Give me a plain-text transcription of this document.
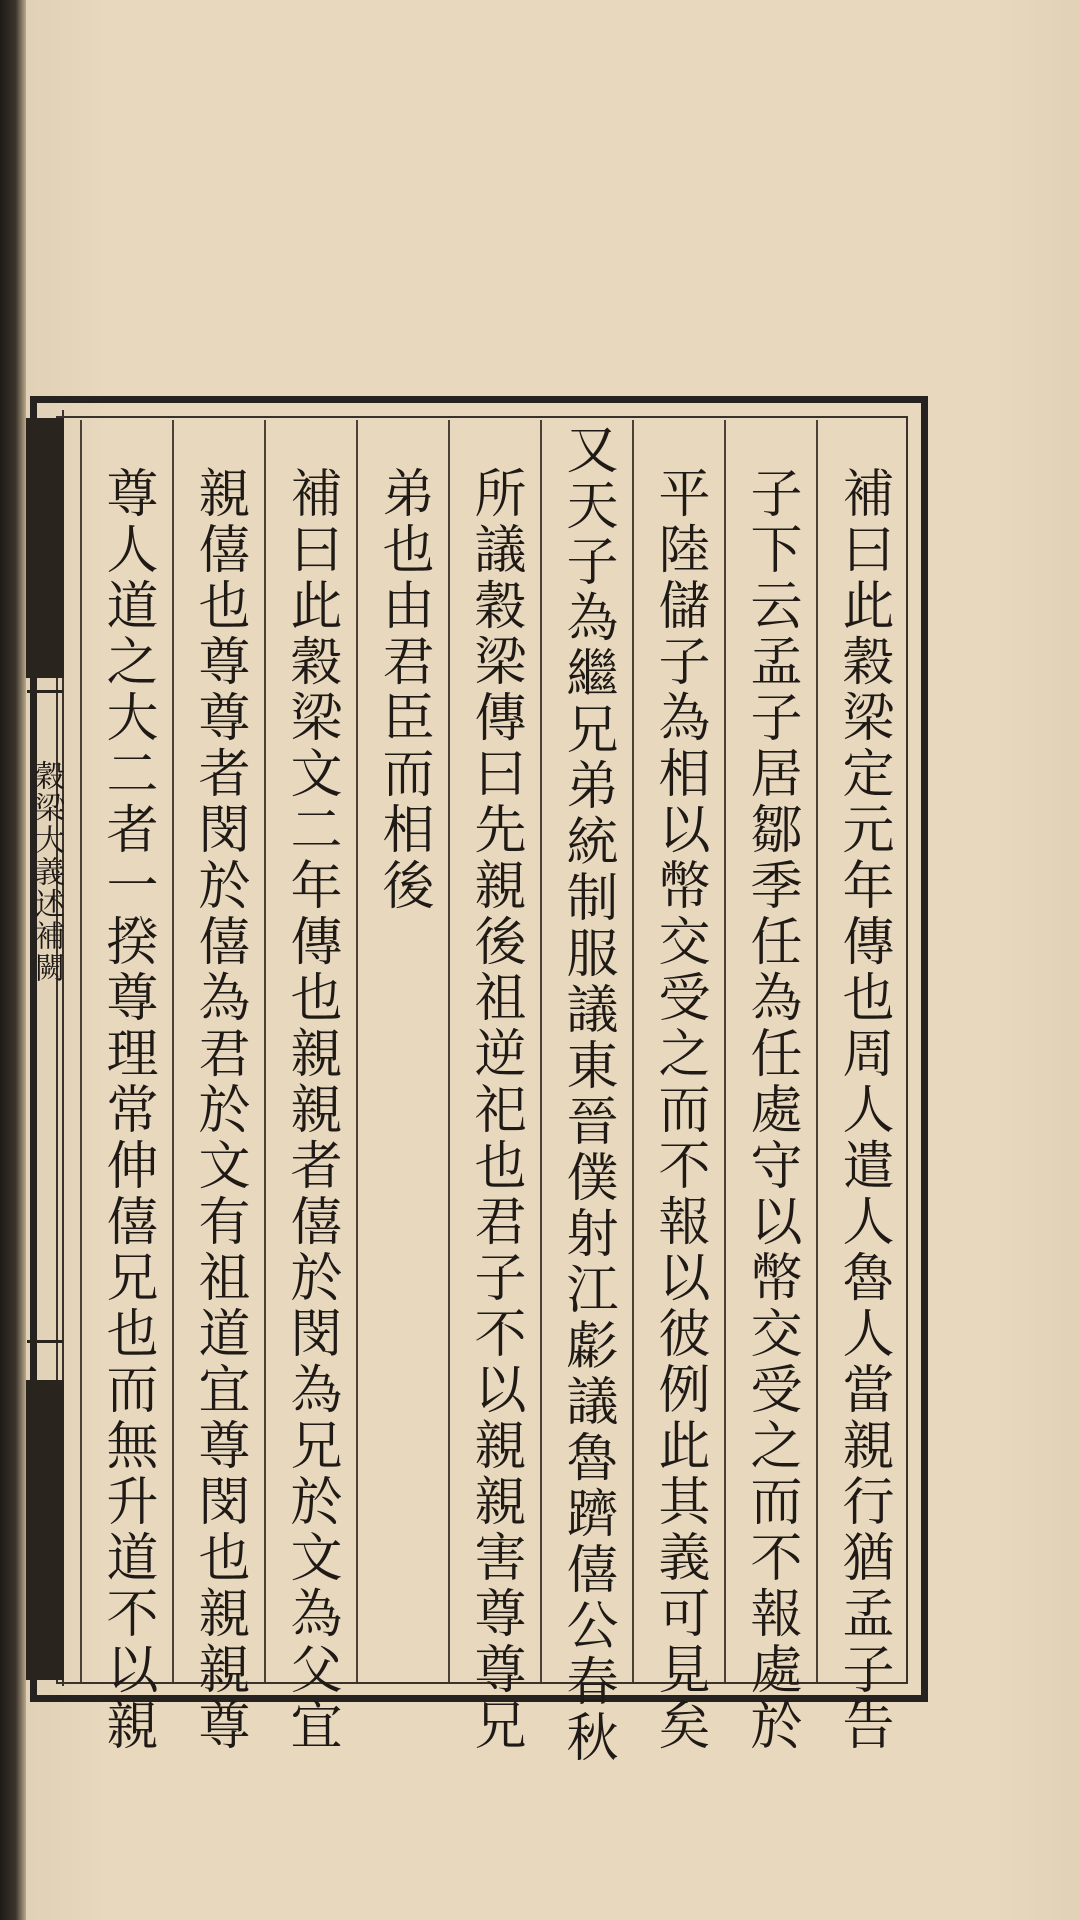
穀梁大義述補闕	補曰此穀梁定元年傳也周人遣人魯人當親行猶孟子告
子下云孟子居鄒季任為任處守以幣交受之而不報處於
平陸儲子為相以幣交受之而不報以彼例此其義可見矣
又天子為繼兄弟統制服議東晉僕射江虨議魯躋僖公春秋
所議穀梁傳曰先親後祖逆祀也君子不以親親害尊尊兄
弟也由君臣而相後
補曰此穀梁文二年傳也親親者僖於閔為兄於文為父宜
親僖也尊尊者閔於僖為君於文有祖道宜尊閔也親親尊
尊人道之大二者一揆尊理常伸僖兄也而無升道不以親
